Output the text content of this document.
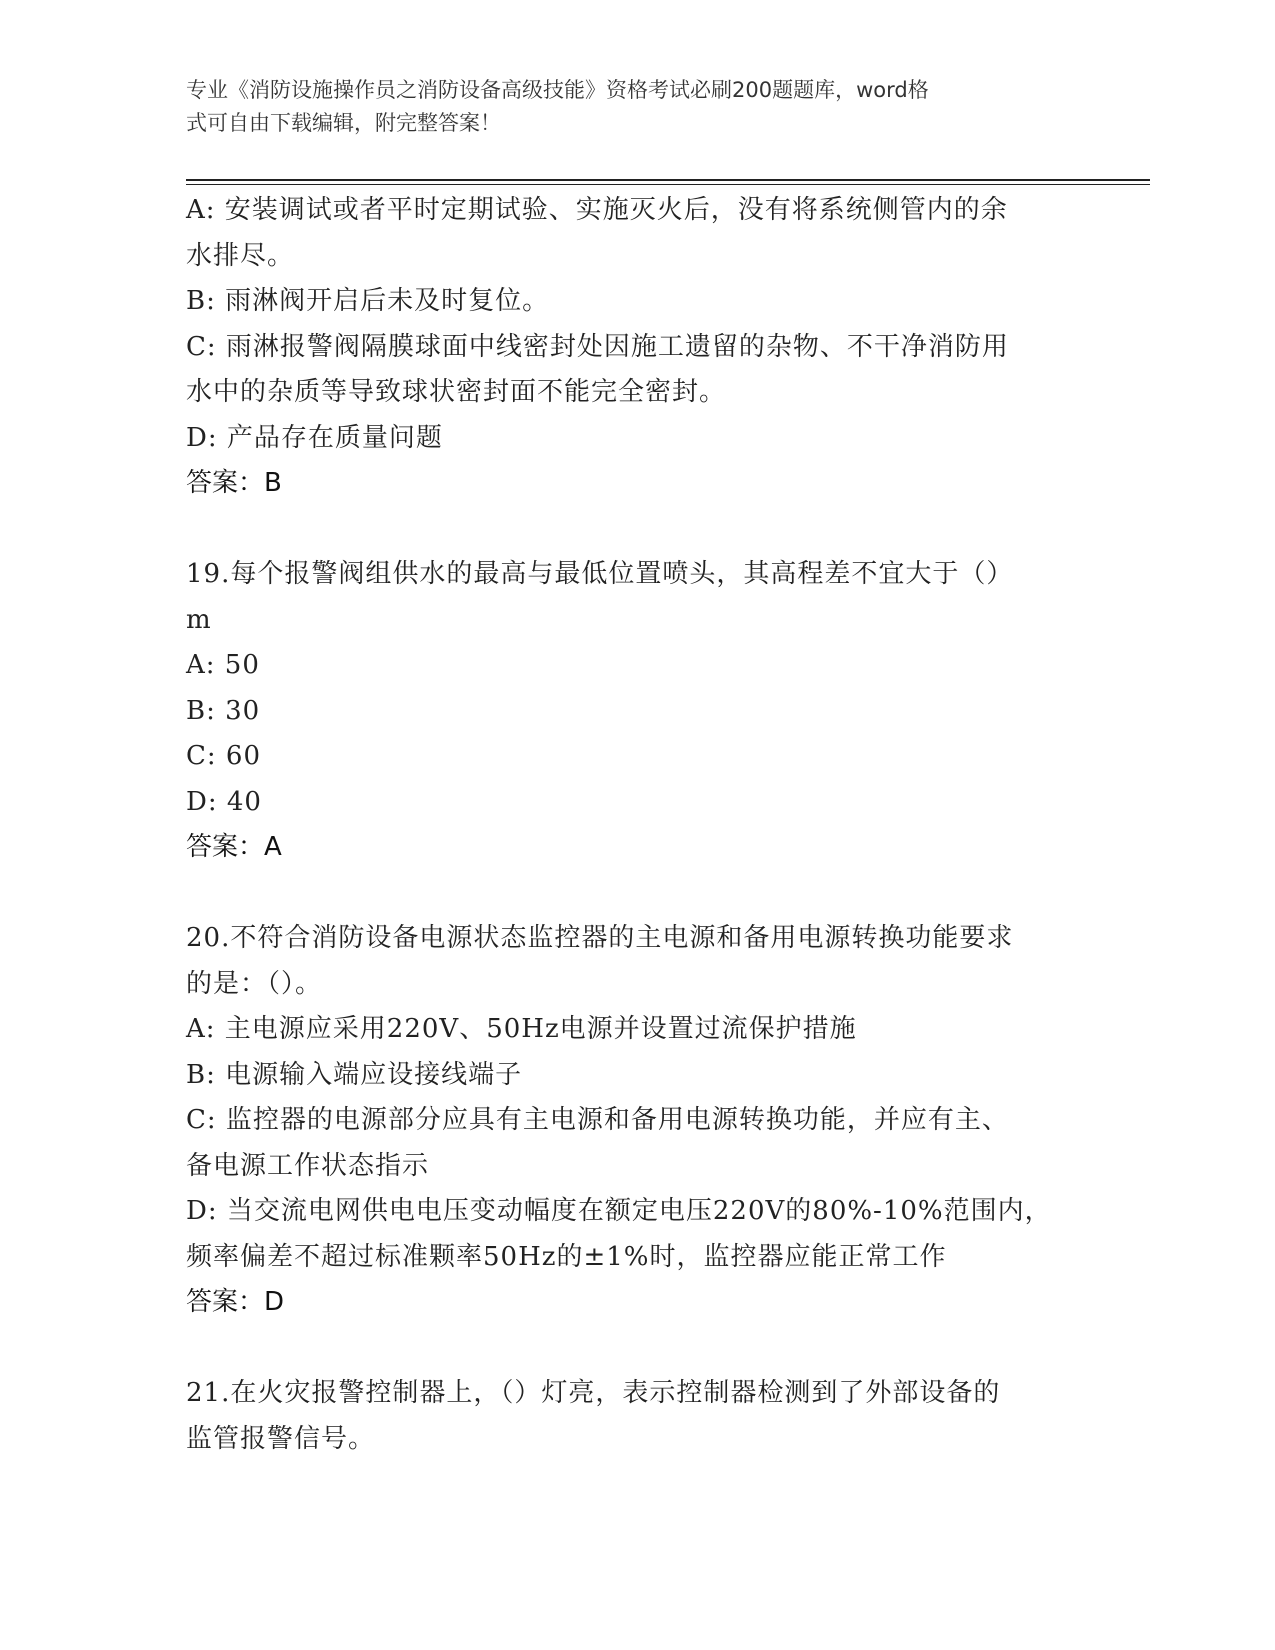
专业《消防设施操作员之消防设备高级技能》资格考试必刷200题题库，word格
式可自由下载编辑，附完整答案！
A: 安装调试或者平时定期试验、实施灭火后，没有将系统侧管内的余
水排尽。
B: 雨淋阀开启后未及时复位。
C: 雨淋报警阀隔膜球面中线密封处因施工遗留的杂物、不干净消防用
水中的杂质等导致球状密封面不能完全密封。
D: 产品存在质量问题
答案：B
19.每个报警阀组供水的最高与最低位置喷头，其高程差不宜大于（）
m
A: 50
B: 30
C: 60
D: 40
答案：A
20.不符合消防设备电源状态监控器的主电源和备用电源转换功能要求
的是：（）。
A: 主电源应采用220V、50Hz电源并设置过流保护措施
B: 电源输入端应设接线端子
C: 监控器的电源部分应具有主电源和备用电源转换功能，并应有主、
备电源工作状态指示
D: 当交流电网供电电压变动幅度在额定电压220V的80%-10%范围内，
频率偏差不超过标准颗率50Hz的±1%时，监控器应能正常工作
答案：D
21.在火灾报警控制器上，（）灯亮，表示控制器检测到了外部设备的
监管报警信号。
